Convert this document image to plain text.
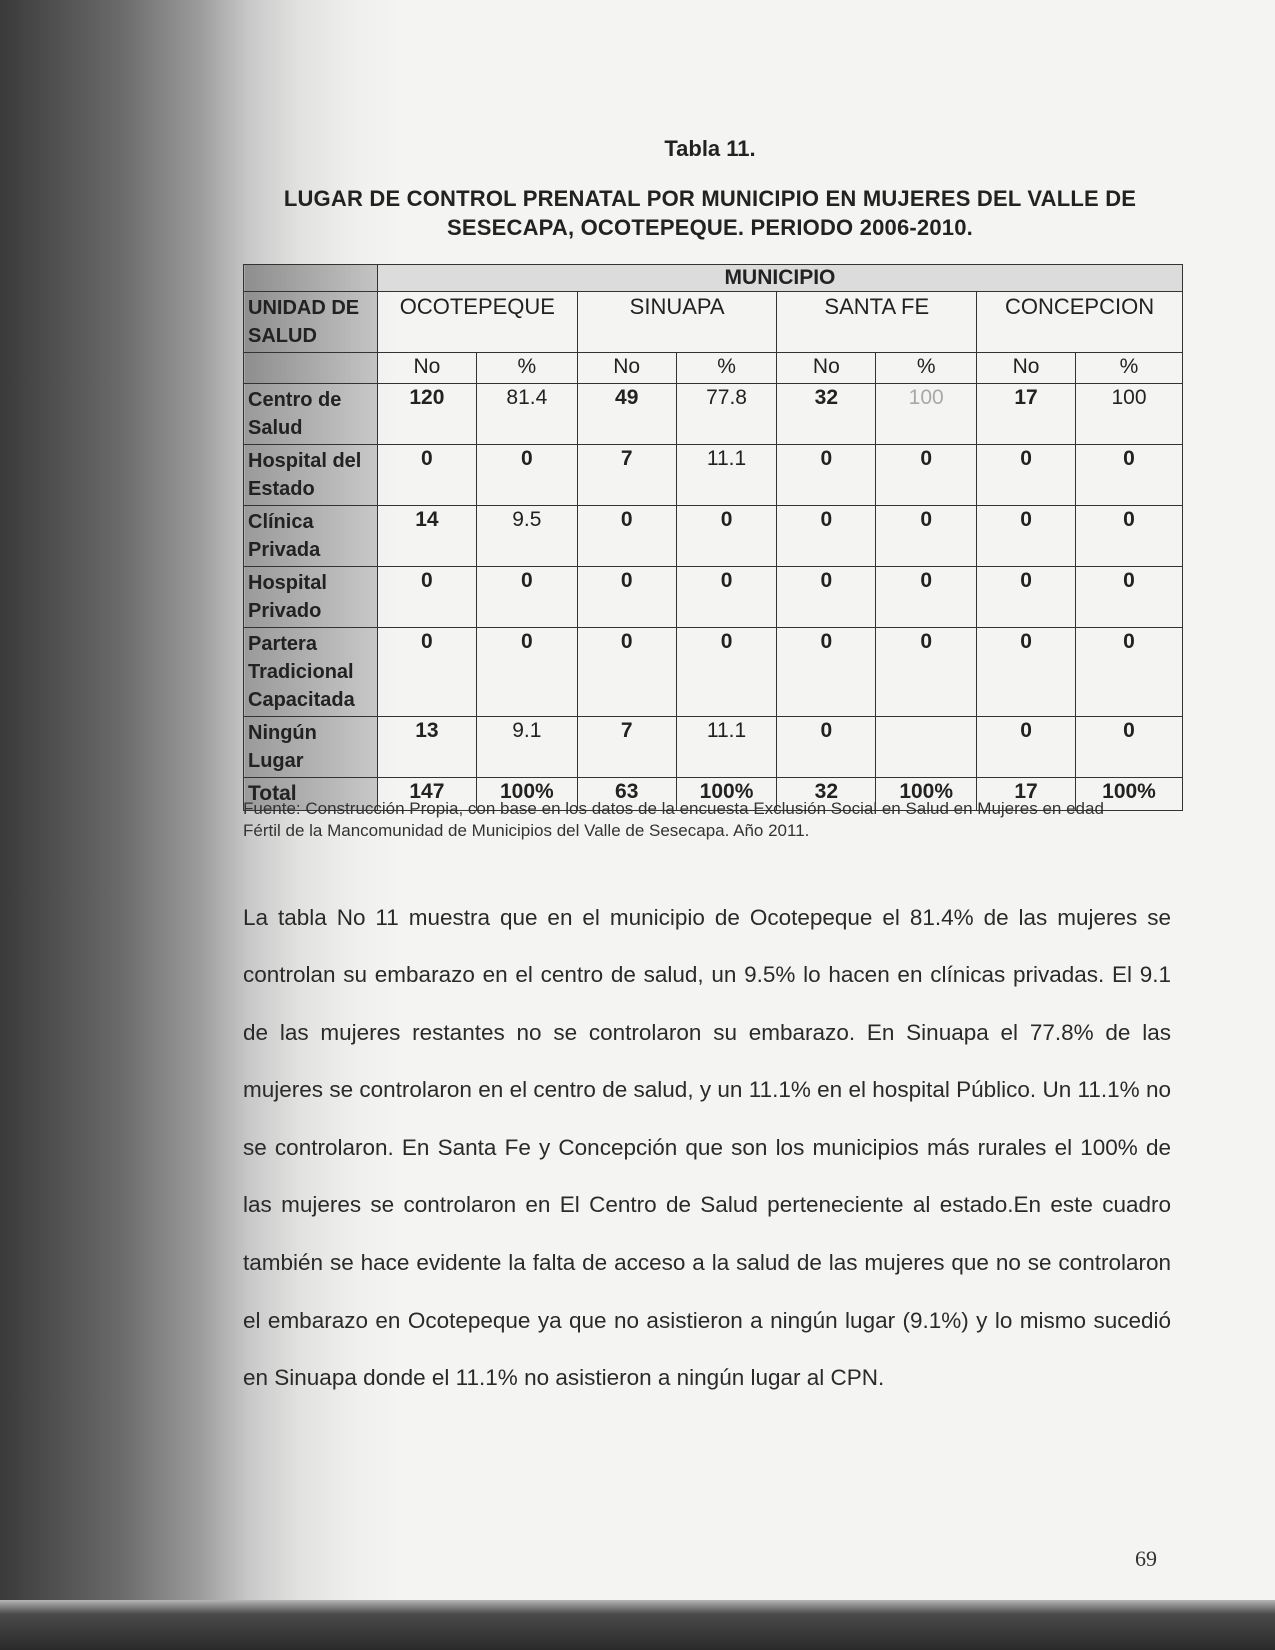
Tabla 11.
LUGAR DE CONTROL PRENATAL POR MUNICIPIO EN MUJERES DEL VALLE DE SESECAPA, OCOTEPEQUE. PERIODO 2006-2010.
	MUNICIPIO							
UNIDAD DE SALUD	OCOTEPEQUE		SINUAPA		SANTA FE		CONCEPCION	
	No	%	No	%	No	%	No	%
Centro de Salud	120	81.4	49	77.8	32	100	17	100
Hospital del Estado	0	0	7	11.1	0	0	0	0
Clínica Privada	14	9.5	0	0	0	0	0	0
Hospital Privado	0	0	0	0	0	0	0	0
Partera Tradicional Capacitada	0	0	0	0	0	0	0	0
Ningún Lugar	13	9.1	7	11.1	0		0	0
Total	147	100%	63	100%	32	100%	17	100%
Fuente: Construcción Propia, con base en los datos de la encuesta Exclusión Social en Salud en Mujeres en edad Fértil de la Mancomunidad de Municipios del Valle de Sesecapa. Año 2011.

La tabla No 11 muestra que en el municipio de Ocotepeque el 81.4% de las mujeres se controlan su embarazo en el centro de salud, un 9.5% lo hacen en clínicas privadas. El 9.1 de las mujeres restantes no se controlaron su embarazo. En Sinuapa el 77.8% de las mujeres se controlaron en el centro de salud, y un 11.1% en el hospital Público. Un 11.1% no se controlaron. En Santa Fe y Concepción que son los municipios más rurales el 100% de las mujeres se controlaron en El Centro de Salud perteneciente al estado.En este cuadro también se hace evidente la falta de acceso a la salud de las mujeres que no se controlaron el embarazo en Ocotepeque ya que no asistieron a ningún lugar (9.1%) y lo mismo sucedió en Sinuapa donde el 11.1% no asistieron a ningún lugar al CPN.

69
